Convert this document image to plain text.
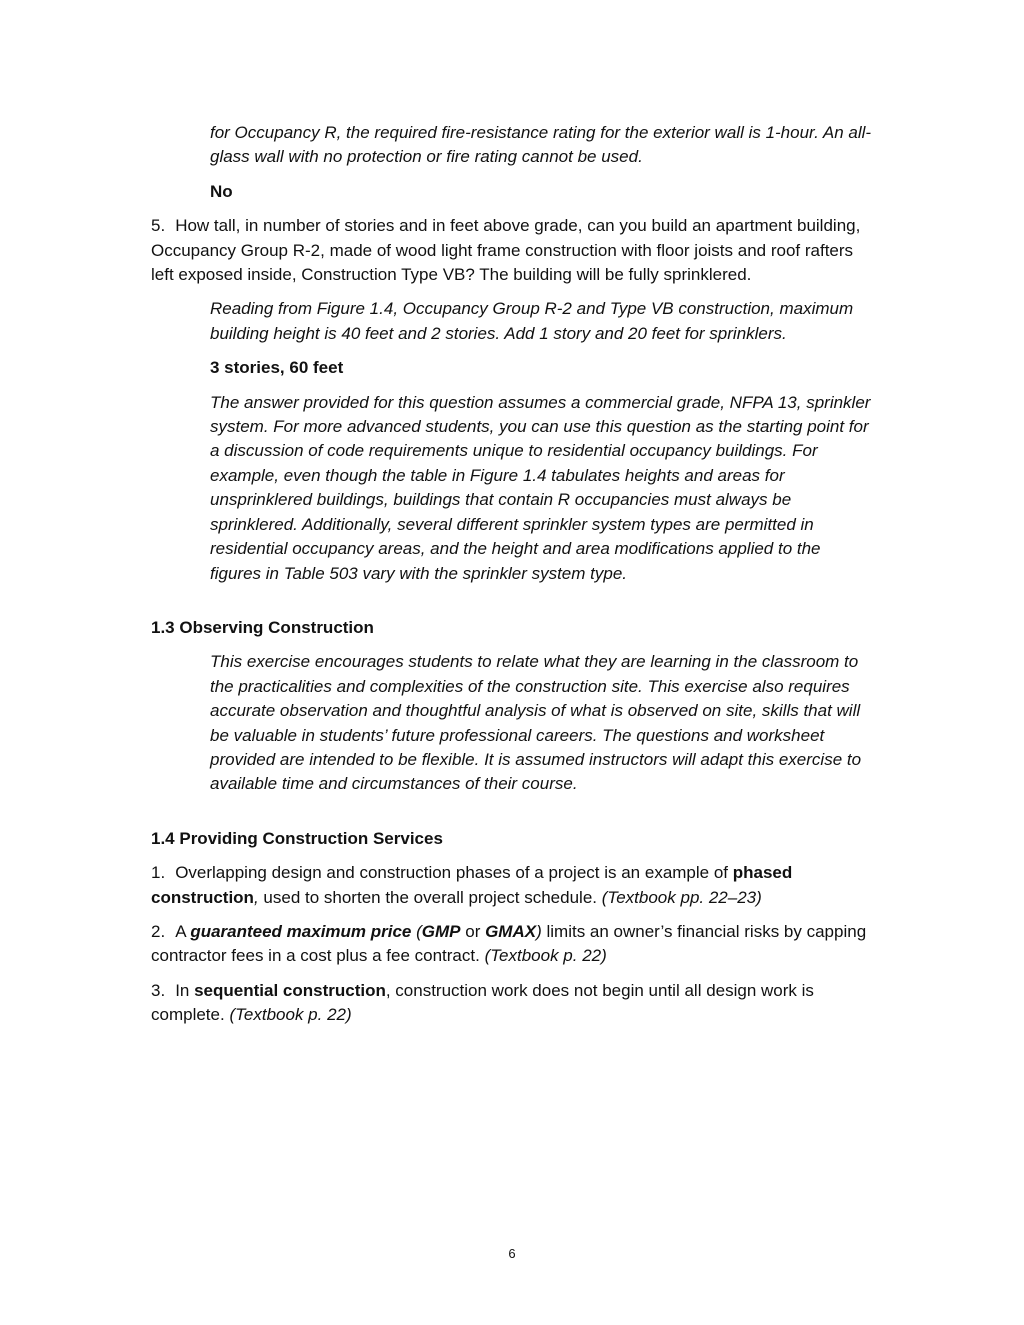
for Occupancy R, the required fire-resistance rating for the exterior wall is 1-hour. An all-glass wall with no protection or fire rating cannot be used.

No

5. How tall, in number of stories and in feet above grade, can you build an apartment building, Occupancy Group R-2, made of wood light frame construction with floor joists and roof rafters left exposed inside, Construction Type VB? The building will be fully sprinklered.

Reading from Figure 1.4, Occupancy Group R-2 and Type VB construction, maximum building height is 40 feet and 2 stories. Add 1 story and 20 feet for sprinklers.

3 stories, 60 feet

The answer provided for this question assumes a commercial grade, NFPA 13, sprinkler system. For more advanced students, you can use this question as the starting point for a discussion of code requirements unique to residential occupancy buildings. For example, even though the table in Figure 1.4 tabulates heights and areas for unsprinklered buildings, buildings that contain R occupancies must always be sprinklered. Additionally, several different sprinkler system types are permitted in residential occupancy areas, and the height and area modifications applied to the figures in Table 503 vary with the sprinkler system type.

1.3 Observing Construction

This exercise encourages students to relate what they are learning in the classroom to the practicalities and complexities of the construction site. This exercise also requires accurate observation and thoughtful analysis of what is observed on site, skills that will be valuable in students’ future professional careers. The questions and worksheet provided are intended to be flexible. It is assumed instructors will adapt this exercise to available time and circumstances of their course.

1.4 Providing Construction Services

1. Overlapping design and construction phases of a project is an example of phased construction, used to shorten the overall project schedule. (Textbook pp. 22–23)

2. A guaranteed maximum price (GMP or GMAX) limits an owner’s financial risks by capping contractor fees in a cost plus a fee contract. (Textbook p. 22)

3. In sequential construction, construction work does not begin until all design work is complete. (Textbook p. 22)

6
